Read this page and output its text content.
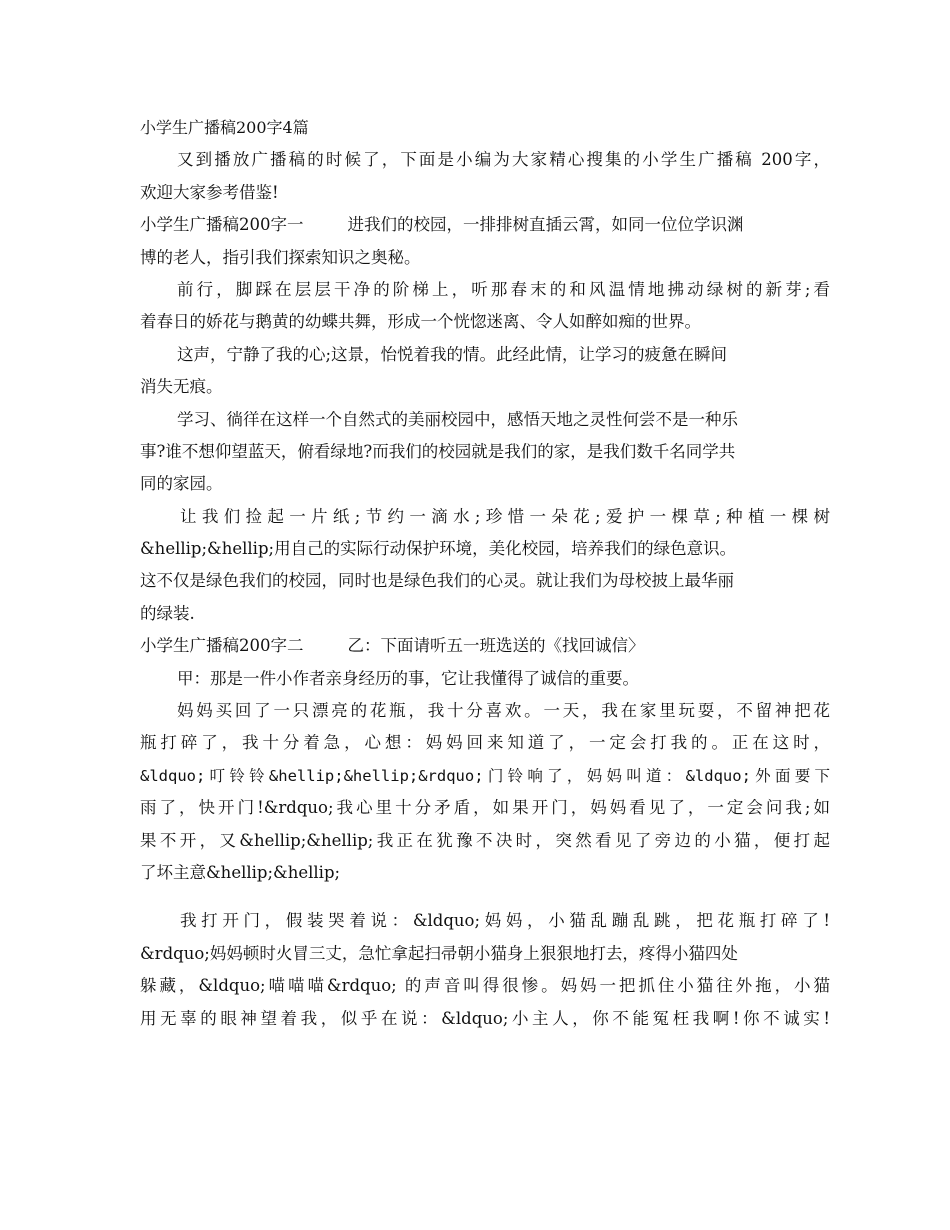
小学生广播稿200字4篇
又到播放广播稿的时候了，下面是小编为大家精心搜集的小学生广播稿 200字，
欢迎大家参考借鉴!
小学生广播稿200字一	进我们的校园，一排排树直插云霄，如同一位位学识渊
博的老人，指引我们探索知识之奥秘。
前行，脚踩在层层干净的阶梯上，听那春末的和风温情地拂动绿树的新芽;看
着春日的娇花与鹅黄的幼蝶共舞，形成一个恍惚迷离、令人如醉如痴的世界。
这声，宁静了我的心;这景，怡悦着我的情。此经此情，让学习的疲惫在瞬间
消失无痕。
学习、徜徉在这样一个自然式的美丽校园中，感悟天地之灵性何尝不是一种乐
事?谁不想仰望蓝天，俯看绿地?而我们的校园就是我们的家，是我们数千名同学共
同的家园。
让我们捡起一片纸;节约一滴水;珍惜一朵花;爱护一棵草;种植一棵树
&hellip;&hellip;用自己的实际行动保护环境，美化校园，培养我们的绿色意识。
这不仅是绿色我们的校园，同时也是绿色我们的心灵。就让我们为母校披上最华丽
的绿装.
小学生广播稿200字二	乙：下面请听五一班选送的《找回诚信〉
甲：那是一件小作者亲身经历的事，它让我懂得了诚信的重要。
妈妈买回了一只漂亮的花瓶，我十分喜欢。一天，我在家里玩耍，不留神把花
瓶打碎了，我十分着急，心想：妈妈回来知道了，一定会打我的。正在这时，
&ldquo;叮铃铃&hellip;&hellip;&rdquo;门铃响了，妈妈叫道：&ldquo;外面要下
雨了，快开门!&rdquo;我心里十分矛盾，如果开门，妈妈看见了，一定会问我;如
果不开，又&hellip;&hellip;我正在犹豫不决时，突然看见了旁边的小猫，便打起
了坏主意&hellip;&hellip;
我打开门，假装哭着说：&ldquo;妈妈，小猫乱蹦乱跳，把花瓶打碎了!
&rdquo;妈妈顿时火冒三丈，急忙拿起扫帚朝小猫身上狠狠地打去，疼得小猫四处
躲藏，&ldquo;喵喵喵&rdquo; 的声音叫得很惨。妈妈一把抓住小猫往外拖，小猫
用无辜的眼神望着我，似乎在说：&ldquo;小主人，你不能冤枉我啊!你不诚实!
